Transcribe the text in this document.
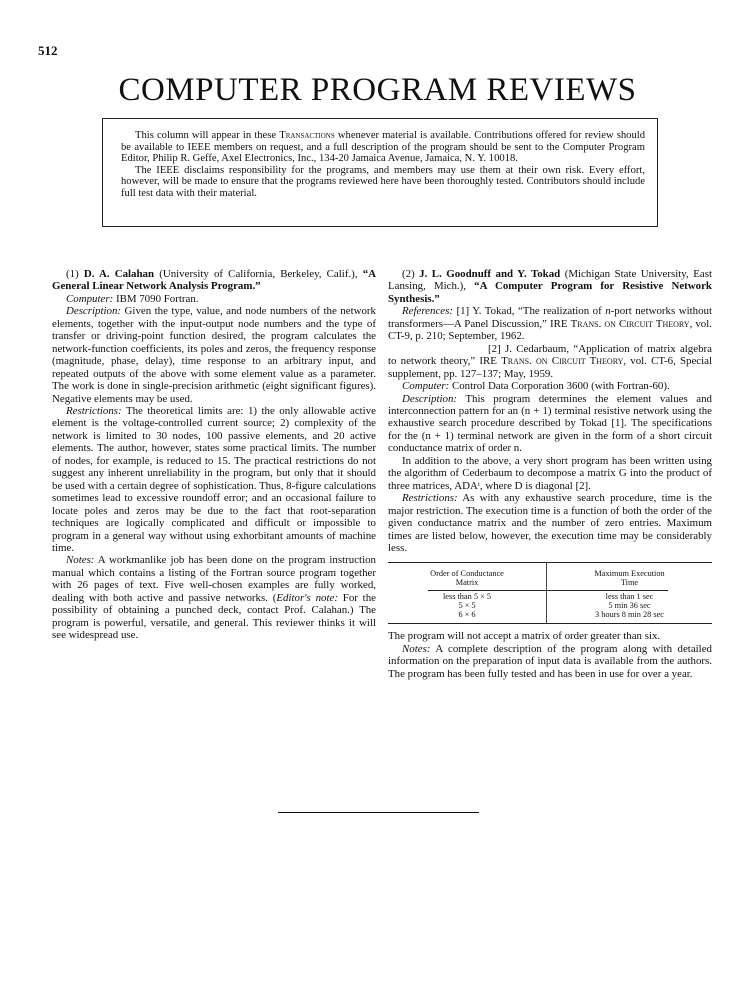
512
COMPUTER PROGRAM REVIEWS

This column will appear in these Transactions whenever material is available. Contributions offered for review should be available to IEEE members on request, and a full description of the program should be sent to the Computer Program Editor, Philip R. Geffe, Axel Electronics, Inc., 134-20 Jamaica Avenue, Jamaica, N. Y. 10018.

The IEEE disclaims responsibility for the programs, and members may use them at their own risk. Every effort, however, will be made to ensure that the programs reviewed here have been thoroughly tested. Contributors should include full test data with their material.

(1) D. A. Calahan (University of California, Berkeley, Calif.), “A General Linear Network Analysis Program.”

Computer: IBM 7090 Fortran.

Description: Given the type, value, and node numbers of the network elements, together with the input-output node numbers and the type of transfer or driving-point function desired, the program calculates the network-function coefficients, its poles and zeros, the frequency response (magnitude, phase, delay), time response to an arbitrary input, and repeated outputs of the above with some element value as a parameter. The work is done in single-precision arithmetic (eight significant figures). Negative elements may be used.

Restrictions: The theoretical limits are: 1) the only allowable active element is the voltage-controlled current source; 2) complexity of the network is limited to 30 nodes, 100 passive elements, and 20 active elements. The author, however, states some practical limits. The number of nodes, for example, is reduced to 15. The practical restrictions do not suggest any inherent unreliability in the program, but only that it should be used with a certain degree of sophistication. Thus, 8-figure calculations sometimes lead to excessive roundoff error; and an occasional failure to locate poles and zeros may be due to the fact that root-separation techniques are logically complicated and difficult or impossible to program in a general way without using exhorbitant amounts of machine time.

Notes: A workmanlike job has been done on the program instruction manual which contains a listing of the Fortran source program together with 26 pages of text. Five well-chosen examples are fully worked, dealing with both active and passive networks. (Editor's note: For the possibility of obtaining a punched deck, contact Prof. Calahan.) The program is powerful, versatile, and general. This reviewer thinks it will see widespread use.

(2) J. L. Goodnuff and Y. Tokad (Michigan State University, East Lansing, Mich.), “A Computer Program for Resistive Network Synthesis.”

References: [1] Y. Tokad, “The realization of n-port networks without transformers—A Panel Discussion,” IRE Trans. on Circuit Theory, vol. CT-9, p. 210; September, 1962.

[2] J. Cedarbaum, “Application of matrix algebra to network theory,” IRE Trans. on Circuit Theory, vol. CT-6, Special supplement, pp. 127–137; May, 1959.

Computer: Control Data Corporation 3600 (with Fortran-60).

Description: This program determines the element values and interconnection pattern for an (n + 1) terminal resistive network using the exhaustive search procedure described by Tokad [1]. The specifications for the (n + 1) terminal network are given in the form of a short circuit conductance matrix of order n.

In addition to the above, a very short program has been written using the algorithm of Cederbaum to decompose a matrix G into the product of three matrices, ADAᵗ, where D is diagonal [2].

Restrictions: As with any exhaustive search procedure, time is the major restriction. The execution time is a function of both the order of the given conductance matrix and the number of zero entries. Maximum times are listed below, however, the execution time may be considerably less.

Order of Conductance
Matrix
Maximum Execution
Time
less than 5 × 5
5 × 5
6 × 6
less than 1 sec
5 min 36 sec
3 hours 8 min 28 sec

The program will not accept a matrix of order greater than six.

Notes: A complete description of the program along with detailed information on the preparation of input data is available from the authors. The program has been fully tested and has been in use for over a year.
